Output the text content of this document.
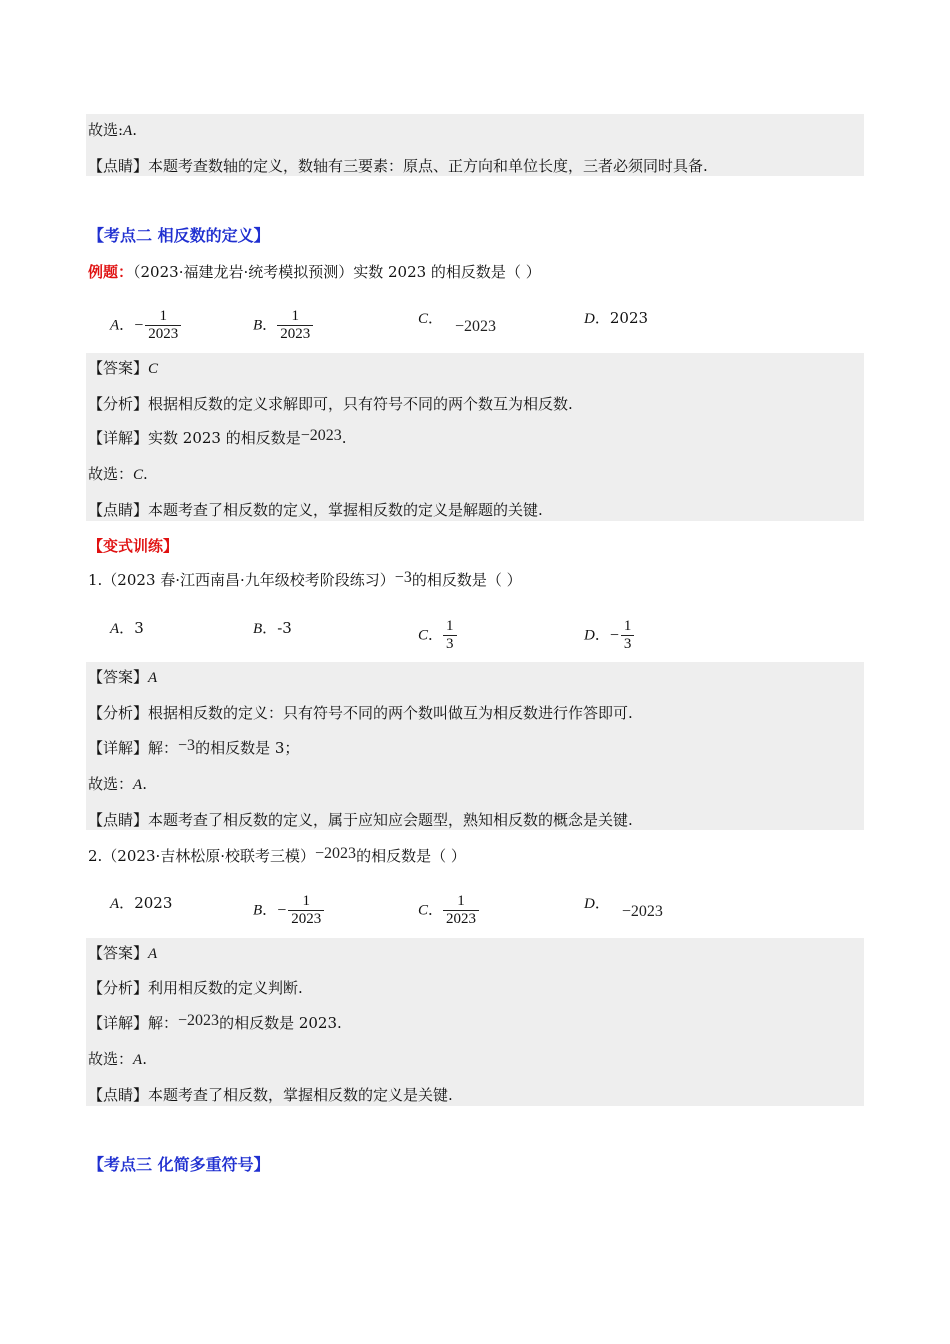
故选:A.
【点睛】本题考查数轴的定义，数轴有三要素：原点、正方向和单位长度，三者必须同时具备.
【考点二 相反数的定义】
例题：（2023·福建龙岩·统考模拟预测）实数 2023 的相反数是（ ）
A．− $\frac{1}{2023}$	B． $\frac{1}{2023}$	C． −2023	D．2023
【答案】C
【分析】根据相反数的定义求解即可，只有符号不同的两个数互为相反数.
【详解】实数 2023 的相反数是−2023.
故选：C.
【点睛】本题考查了相反数的定义，掌握相反数的定义是解题的关键.
【变式训练】
1.（2023 春·江西南昌·九年级校考阶段练习）−3的相反数是（ ）
A．3	B．-3	C． $\frac{1}{3}$	D．− $\frac{1}{3}$
【答案】A
【分析】根据相反数的定义：只有符号不同的两个数叫做互为相反数进行作答即可.
【详解】解：−3的相反数是 3；
故选：A.
【点睛】本题考查了相反数的定义，属于应知应会题型，熟知相反数的概念是关键.
2.（2023·吉林松原·校联考三模）−2023的相反数是（ ）
A．2023	B．− $\frac{1}{2023}$	C． $\frac{1}{2023}$	D． −2023
【答案】A
【分析】利用相反数的定义判断.
【详解】解：−2023的相反数是 2023.
故选：A.
【点睛】本题考查了相反数，掌握相反数的定义是关键.
【考点三 化简多重符号】
